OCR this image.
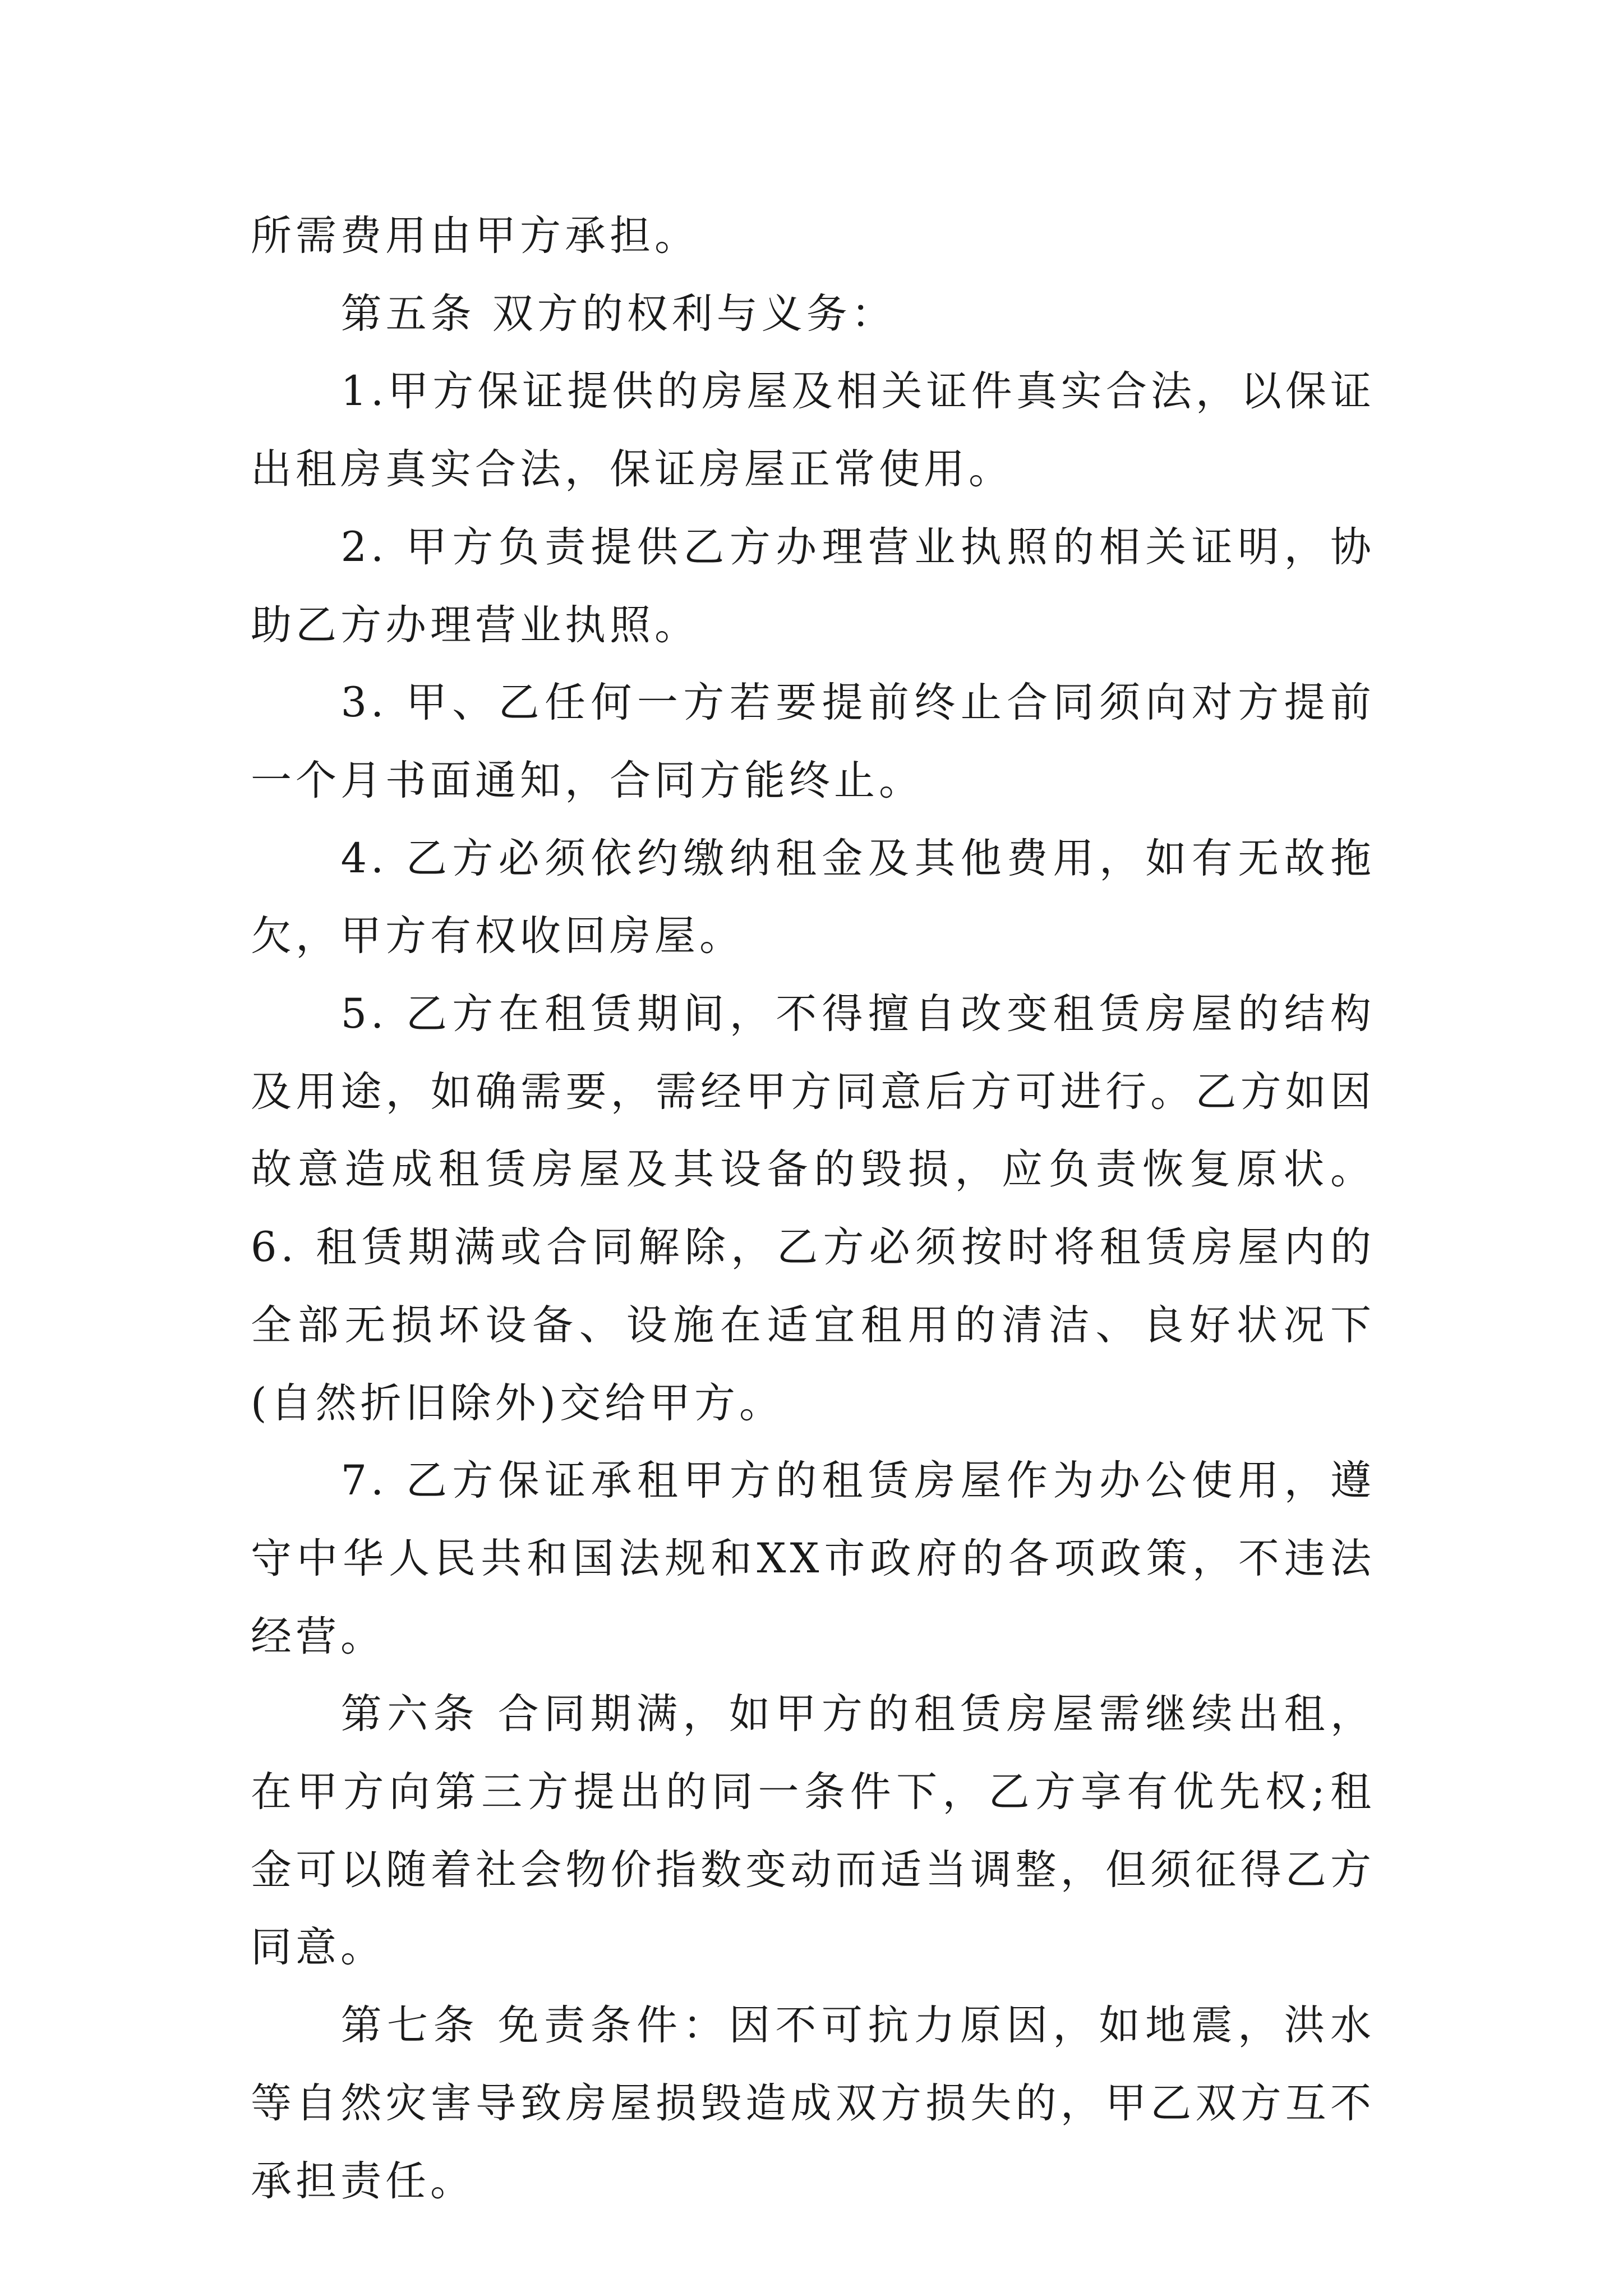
所需费用由甲方承担。

第五条 双方的权利与义务：

1.甲方保证提供的房屋及相关证件真实合法，以保证出租房真实合法，保证房屋正常使用。

2. 甲方负责提供乙方办理营业执照的相关证明，协助乙方办理营业执照。

3. 甲、乙任何一方若要提前终止合同须向对方提前一个月书面通知，合同方能终止。

4. 乙方必须依约缴纳租金及其他费用，如有无故拖欠，甲方有权收回房屋。

5. 乙方在租赁期间，不得擅自改变租赁房屋的结构及用途，如确需要，需经甲方同意后方可进行。乙方如因故意造成租赁房屋及其设备的毁损，应负责恢复原状。 6. 租赁期满或合同解除，乙方必须按时将租赁房屋内的全部无损坏设备、设施在适宜租用的清洁、良好状况下(自然折旧除外)交给甲方。

7. 乙方保证承租甲方的租赁房屋作为办公使用，遵守中华人民共和国法规和XX市政府的各项政策，不违法经营。

第六条 合同期满，如甲方的租赁房屋需继续出租，在甲方向第三方提出的同一条件下，乙方享有优先权;租金可以随着社会物价指数变动而适当调整，但须征得乙方同意。

第七条 免责条件：因不可抗力原因，如地震，洪水等自然灾害导致房屋损毁造成双方损失的，甲乙双方互不承担责任。
